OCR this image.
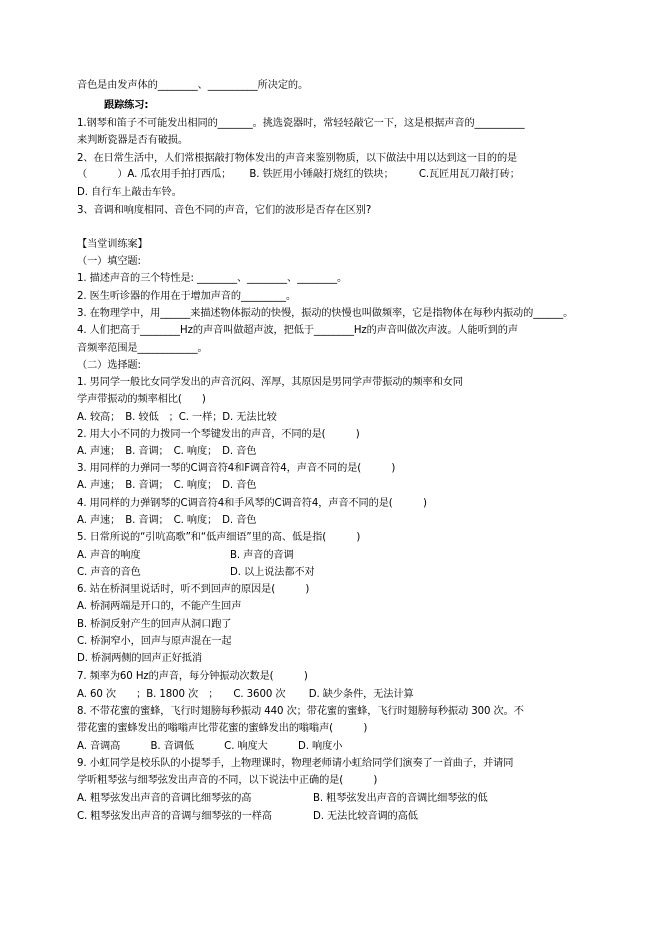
音色是由发声体的________、__________所决定的。
跟踪练习:
1.钢琴和笛子不可能发出相同的_______。挑选瓷器时，常轻轻敲它一下，这是根据声音的__________
来判断瓷器是否有破损。
2、在日常生活中，人们常根据敲打物体发出的声音来鉴别物质，以下做法中用以达到这一目的的是
（　　　）A. 瓜农用手拍打西瓜；　　 B. 铁匠用小锤敲打烧红的铁块；　　　C.瓦匠用瓦刀敲打砖；
D. 自行车上敲击车铃。
3、音调和响度相同、音色不同的声音，它们的波形是否存在区别?
【当堂训练案】
（一）填空题:
1. 描述声音的三个特性是: ________、________、________。
2. 医生听诊器的作用在于增加声音的_________。
3. 在物理学中，用______来描述物体振动的快慢，振动的快慢也叫做频率，它是指物体在每秒内振动的______。
4. 人们把高于________Hz的声音叫做超声波，把低于________Hz的声音叫做次声波。人能听到的声
音频率范围是____________。
（二）选择题:
1. 男同学一般比女同学发出的声音沉闷、浑厚，其原因是男同学声带振动的频率和女同
学声带振动的频率相比(　　)
A. 较高；　B. 较低　；C. 一样；D. 无法比较
2. 用大小不同的力拨同一个琴键发出的声音，不同的是(　　　)
A. 声速；　B. 音调；　C. 响度；　D. 音色
3. 用同样的力弹同一琴的C调音符4和F调音符4，声音不同的是(　　　)
A. 声速；　B. 音调；　C. 响度；　D. 音色
4. 用同样的力弹钢琴的C调音符4和手风琴的C调音符4，声音不同的是(　　　)
A. 声速；　B. 音调；　C. 响度；　D. 音色
5. 日常所说的“引吭高歌”和“低声细语”里的高、低是指(　　　)
A. 声音的响度	B. 声音的音调
C. 声音的音色	D. 以上说法都不对
6. 站在桥洞里说话时，听不到回声的原因是(　　　)
A. 桥洞两端是开口的，不能产生回声
B. 桥洞反射产生的回声从洞口跑了
C. 桥洞窄小，回声与原声混在一起
D. 桥洞两侧的回声正好抵消
7. 频率为60 Hz的声音，每分钟振动次数是(　　　)
A. 60 次　　；B. 1800 次　；　　C. 3600 次　　 D. 缺少条件，无法计算
8. 不带花蜜的蜜蜂，飞行时翅膀每秒振动 440 次；带花蜜的蜜蜂，飞行时翅膀每秒振动 300 次。不
带花蜜的蜜蜂发出的嗡嗡声比带花蜜的蜜蜂发出的嗡嗡声(　　　)
A. 音调高　　　B. 音调低　　　C. 响度大　　　D. 响度小
9. 小虹同学是校乐队的小提琴手，上物理课时，物理老师请小虹给同学们演奏了一首曲子，并请同
学听粗琴弦与细琴弦发出声音的不同，以下说法中正确的是(　　　)
A. 粗琴弦发出声音的音调比细琴弦的高	B. 粗琴弦发出声音的音调比细琴弦的低
C. 粗琴弦发出声音的音调与细琴弦的一样高	D. 无法比较音调的高低
